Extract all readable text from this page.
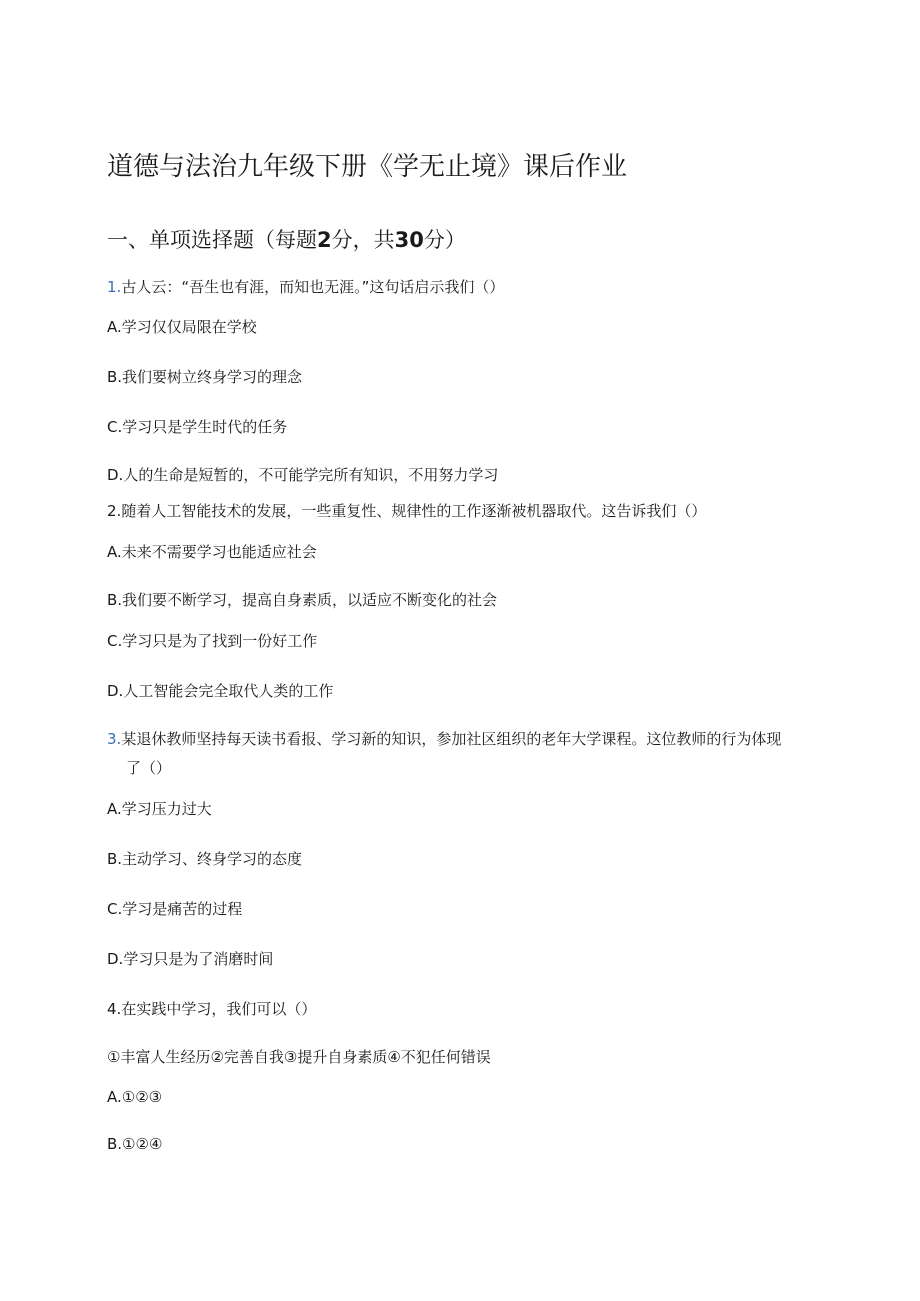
道德与法治九年级下册《学无止境》课后作业
一、单项选择题（每题2分，共30分）
1.古人云：“吾生也有涯，而知也无涯。”这句话启示我们（）
A.学习仅仅局限在学校
B.我们要树立终身学习的理念
C.学习只是学生时代的任务
D.人的生命是短暂的，不可能学完所有知识，不用努力学习
2.随着人工智能技术的发展，一些重复性、规律性的工作逐渐被机器取代。这告诉我们（）
A.未来不需要学习也能适应社会
B.我们要不断学习，提高自身素质，以适应不断变化的社会
C.学习只是为了找到一份好工作
D.人工智能会完全取代人类的工作
3.某退休教师坚持每天读书看报、学习新的知识，参加社区组织的老年大学课程。这位教师的行为体现
了（）
A.学习压力过大
B.主动学习、终身学习的态度
C.学习是痛苦的过程
D.学习只是为了消磨时间
4.在实践中学习，我们可以（）
①丰富人生经历②完善自我③提升自身素质④不犯任何错误
A.①②③
B.①②④
